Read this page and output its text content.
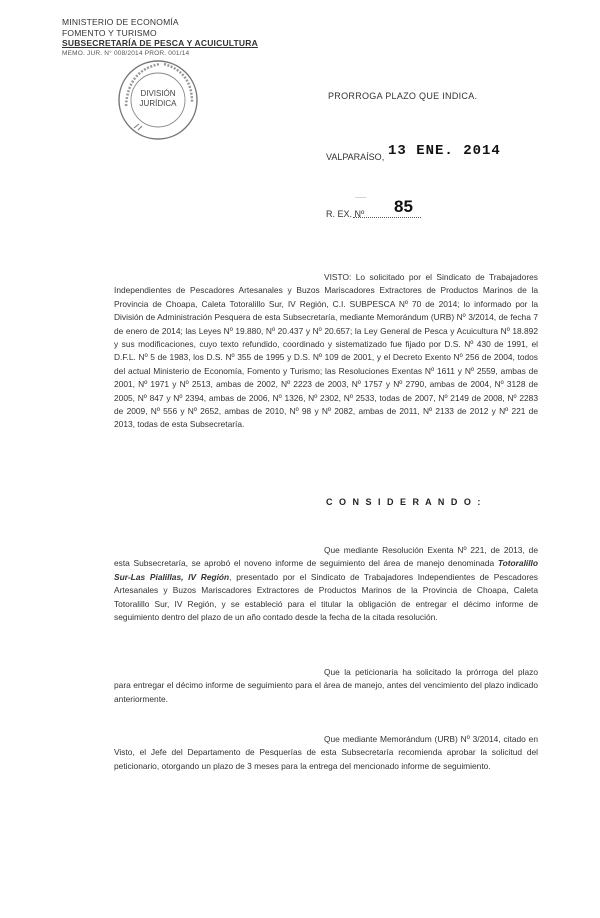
MINISTERIO DE ECONOMÍA
FOMENTO Y TURISMO
SUBSECRETARÍA DE PESCA Y ACUICULTURA
MEMO. JUR. N° 008/2014 PROR. 001/14
DIVISIÓN
JURÍDICA
PRORROGA PLAZO QUE INDICA.
VALPARAÍSO, 13 ENE. 2014
____
R. EX. Nº 85
VISTO: Lo solicitado por el Sindicato de Trabajadores Independientes de Pescadores Artesanales y Buzos Mariscadores Extractores de Productos Marinos de la Provincia de Choapa, Caleta Totoralillo Sur, IV Región, C.I. SUBPESCA Nº 70 de 2014; lo informado por la División de Administración Pesquera de esta Subsecretaría, mediante Memorándum (URB) Nº 3/2014, de fecha 7 de enero de 2014; las Leyes Nº 19.880, Nº 20.437 y Nº 20.657; la Ley General de Pesca y Acuicultura Nº 18.892 y sus modificaciones, cuyo texto refundido, coordinado y sistematizado fue fijado por D.S. Nº 430 de 1991, el D.F.L. Nº 5 de 1983, los D.S. Nº 355 de 1995 y D.S. Nº 109 de 2001, y el Decreto Exento Nº 256 de 2004, todos del actual Ministerio de Economía, Fomento y Turismo; las Resoluciones Exentas Nº 1611 y Nº 2559, ambas de 2001, Nº 1971 y Nº 2513, ambas de 2002, Nº 2223 de 2003, Nº 1757 y Nº 2790, ambas de 2004, Nº 3128 de 2005, Nº 847 y Nº 2394, ambas de 2006, Nº 1326, Nº 2302, Nº 2533, todas de 2007, Nº 2149 de 2008, Nº 2283 de 2009, Nº 556 y Nº 2652, ambas de 2010, Nº 98 y Nº 2082, ambas de 2011, Nº 2133 de 2012 y Nº 221 de 2013, todas de esta Subsecretaría.
C O N S I D E R A N D O :
Que mediante Resolución Exenta Nº 221, de 2013, de esta Subsecretaría, se aprobó el noveno informe de seguimiento del área de manejo denominada Totoralillo Sur-Las Pialillas, IV Región, presentado por el Sindicato de Trabajadores Independientes de Pescadores Artesanales y Buzos Mariscadores Extractores de Productos Marinos de la Provincia de Choapa, Caleta Totoralillo Sur, IV Región, y se estableció para el titular la obligación de entregar el décimo informe de seguimiento dentro del plazo de un año contado desde la fecha de la citada resolución.
Que la peticionaria ha solicitado la prórroga del plazo para entregar el décimo informe de seguimiento para el área de manejo, antes del vencimiento del plazo indicado anteriormente.
Que mediante Memorándum (URB) Nº 3/2014, citado en Visto, el Jefe del Departamento de Pesquerías de esta Subsecretaría recomienda aprobar la solicitud del peticionario, otorgando un plazo de 3 meses para la entrega del mencionado informe de seguimiento.
